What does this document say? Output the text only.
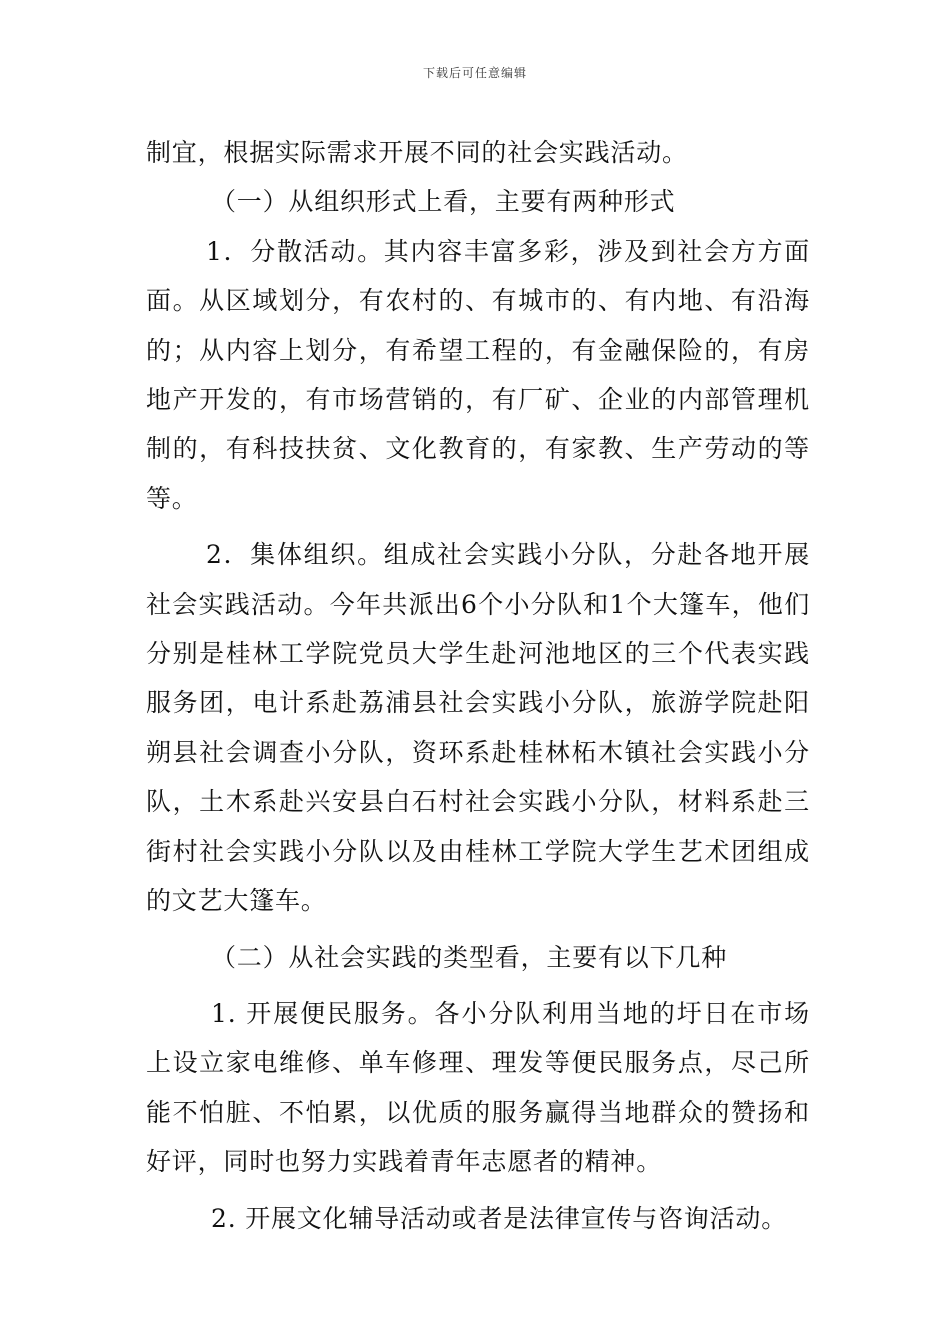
下载后可任意编辑

制宜，根据实际需求开展不同的社会实践活动。

（一）从组织形式上看，主要有两种形式

1．分散活动。其内容丰富多彩，涉及到社会方方面面。从区域划分，有农村的、有城市的、有内地、有沿海的；从内容上划分，有希望工程的，有金融保险的，有房地产开发的，有市场营销的，有厂矿、企业的内部管理机制的，有科技扶贫、文化教育的，有家教、生产劳动的等等。

2．集体组织。组成社会实践小分队，分赴各地开展社会实践活动。今年共派出6个小分队和1个大篷车，他们分别是桂林工学院党员大学生赴河池地区的三个代表实践服务团，电计系赴荔浦县社会实践小分队，旅游学院赴阳朔县社会调查小分队，资环系赴桂林柘木镇社会实践小分队，土木系赴兴安县白石村社会实践小分队，材料系赴三街村社会实践小分队以及由桂林工学院大学生艺术团组成的文艺大篷车。

（二）从社会实践的类型看，主要有以下几种

1. 开展便民服务。各小分队利用当地的圩日在市场上设立家电维修、单车修理、理发等便民服务点，尽己所能不怕脏、不怕累，以优质的服务赢得当地群众的赞扬和好评，同时也努力实践着青年志愿者的精神。

2. 开展文化辅导活动或者是法律宣传与咨询活动。
